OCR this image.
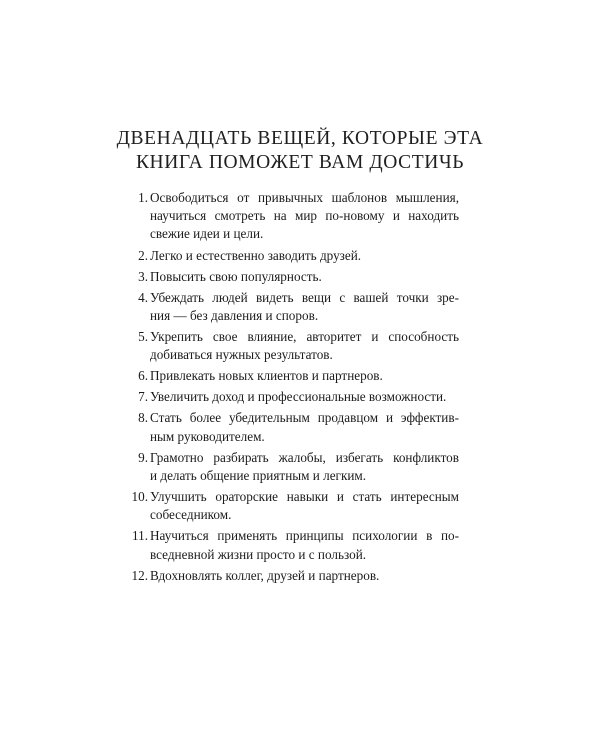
ДВЕНАДЦАТЬ ВЕЩЕЙ, КОТОРЫЕ ЭТА
КНИГА ПОМОЖЕТ ВАМ ДОСТИЧЬ
1. Освободиться от привычных шаблонов мышления,
научиться смотреть на мир по-новому и находить
свежие идеи и цели.
2. Легко и естественно заводить друзей.
3. Повысить свою популярность.
4. Убеждать людей видеть вещи с вашей точки зре-
ния — без давления и споров.
5. Укрепить свое влияние, авторитет и способность
добиваться нужных результатов.
6. Привлекать новых клиентов и партнеров.
7. Увеличить доход и профессиональные возможности.
8. Стать более убедительным продавцом и эффектив-
ным руководителем.
9. Грамотно разбирать жалобы, избегать конфликтов
и делать общение приятным и легким.
10. Улучшить ораторские навыки и стать интересным
собеседником.
11. Научиться применять принципы психологии в по-
вседневной жизни просто и с пользой.
12. Вдохновлять коллег, друзей и партнеров.
